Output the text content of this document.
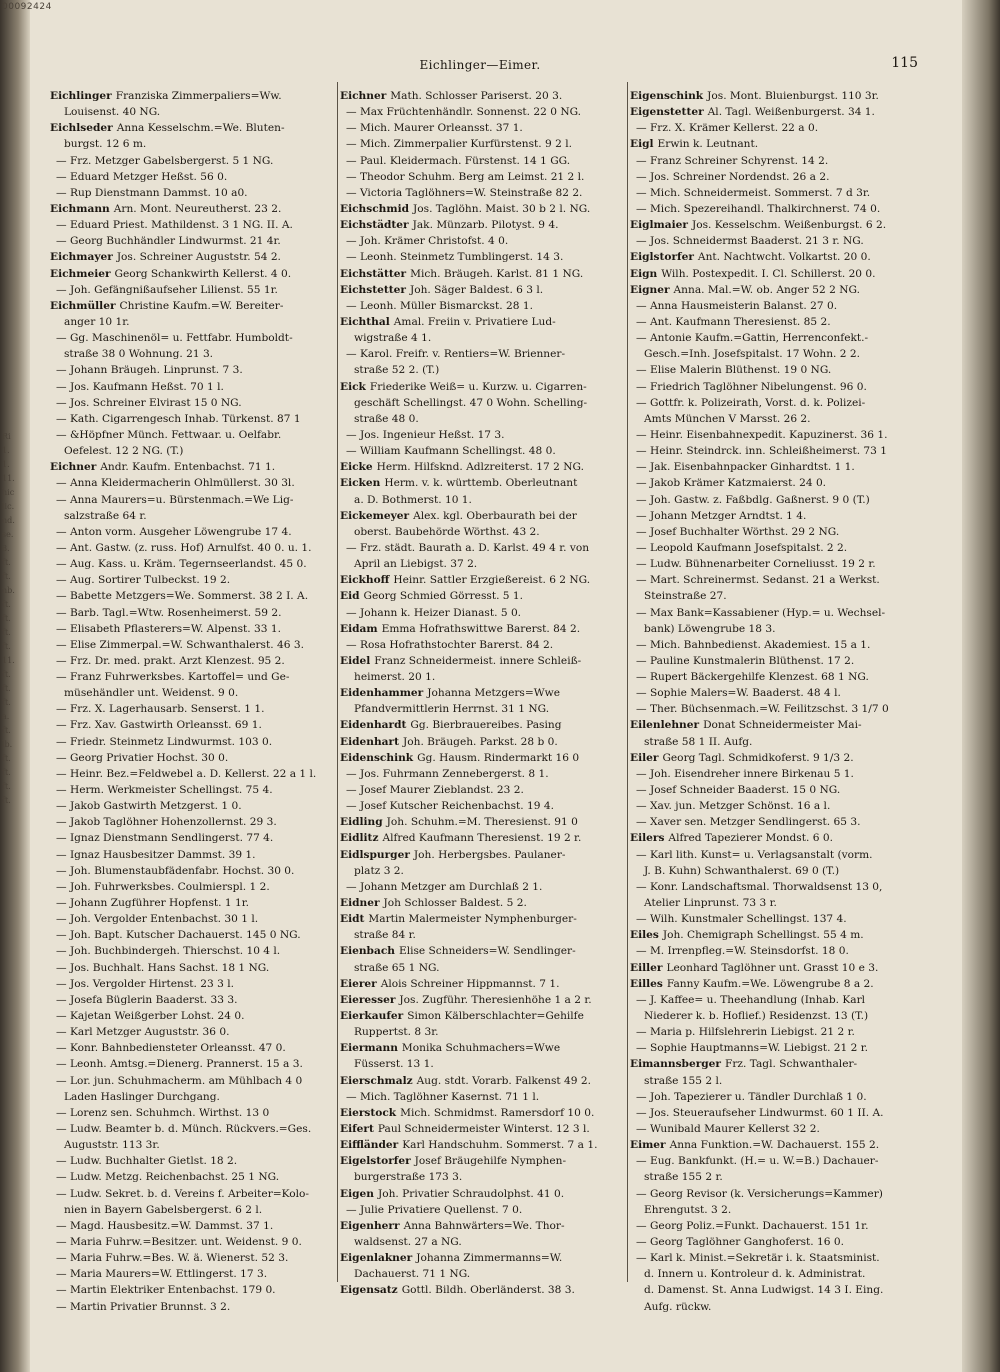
00092424
Ri
1.
1.
11.
hic
lic.
nd.
se.
8.
ft.
ft.
nb.
ft.
ft.
ft.
ft.
11.
ft.
ft.
ft.
a.
ft.
lb.
ft.
ft.
ft.
ft.
Eichlinger—Eimer.	115
Eichlinger Franziska Zimmerpaliers=Ww.
Louisenst. 40 NG.
Eichlseder Anna Kesselschm.=We. Bluten-
burgst. 12 6 m.
— Frz. Metzger Gabelsbergerst. 5 1 NG.
— Eduard Metzger Heßst. 56 0.
— Rup Dienstmann Dammst. 10 a0.
Eichmann Arn. Mont. Neureutherst. 23 2.
— Eduard Priest. Mathildenst. 3 1 NG. II. A.
— Georg Buchhändler Lindwurmst. 21 4r.
Eichmayer Jos. Schreiner Auguststr. 54 2.
Eichmeier Georg Schankwirth Kellerst. 4 0.
— Joh. Gefängnißaufseher Lilienst. 55 1r.
Eichmüller Christine Kaufm.=W. Bereiter-
anger 10 1r.
— Gg. Maschinenöl= u. Fettfabr. Humboldt-
straße 38 0 Wohnung. 21 3.
— Johann Bräugeh. Linprunst. 7 3.
— Jos. Kaufmann Heßst. 70 1 l.
— Jos. Schreiner Elvirast 15 0 NG.
— Kath. Cigarrengesch Inhab. Türkenst. 87 1
— &Höpfner Münch. Fettwaar. u. Oelfabr.
Oefelest. 12 2 NG. (T.)
Eichner Andr. Kaufm. Entenbachst. 71 1.
— Anna Kleidermacherin Ohlmüllerst. 30 3l.
— Anna Maurers=u. Bürstenmach.=We Lig-
salzstraße 64 r.
— Anton vorm. Ausgeher Löwengrube 17 4.
— Ant. Gastw. (z. russ. Hof) Arnulfst. 40 0. u. 1.
— Aug. Kass. u. Kräm. Tegernseerlandst. 45 0.
— Aug. Sortirer Tulbeckst. 19 2.
— Babette Metzgers=We. Sommerst. 38 2 I. A.
— Barb. Tagl.=Wtw. Rosenheimerst. 59 2.
— Elisabeth Pflasterers=W. Alpenst. 33 1.
— Elise Zimmerpal.=W. Schwanthalerst. 46 3.
— Frz. Dr. med. prakt. Arzt Klenzest. 95 2.
— Franz Fuhrwerksbes. Kartoffel= und Ge-
müsehändler unt. Weidenst. 9 0.
— Frz. X. Lagerhausarb. Senserst. 1 1.
— Frz. Xav. Gastwirth Orleansst. 69 1.
— Friedr. Steinmetz Lindwurmst. 103 0.
— Georg Privatier Hochst. 30 0.
— Heinr. Bez.=Feldwebel a. D. Kellerst. 22 a 1 l.
— Herm. Werkmeister Schellingst. 75 4.
— Jakob Gastwirth Metzgerst. 1 0.
— Jakob Taglöhner Hohenzollernst. 29 3.
— Ignaz Dienstmann Sendlingerst. 77 4.
— Ignaz Hausbesitzer Dammst. 39 1.
— Joh. Blumenstaubfädenfabr. Hochst. 30 0.
— Joh. Fuhrwerksbes. Coulmierspl. 1 2.
— Johann Zugführer Hopfenst. 1 1r.
— Joh. Vergolder Entenbachst. 30 1 l.
— Joh. Bapt. Kutscher Dachauerst. 145 0 NG.
— Joh. Buchbindergeh. Thierschst. 10 4 l.
— Jos. Buchhalt. Hans Sachst. 18 1 NG.
— Jos. Vergolder Hirtenst. 23 3 l.
— Josefa Büglerin Baaderst. 33 3.
— Kajetan Weißgerber Lohst. 24 0.
— Karl Metzger Auguststr. 36 0.
— Konr. Bahnbediensteter Orleansst. 47 0.
— Leonh. Amtsg.=Dienerg. Prannerst. 15 a 3.
— Lor. jun. Schuhmacherm. am Mühlbach 4 0
Laden Haslinger Durchgang.
— Lorenz sen. Schuhmch. Wirthst. 13 0
— Ludw. Beamter b. d. Münch. Rückvers.=Ges.
Auguststr. 113 3r.
— Ludw. Buchhalter Gietlst. 18 2.
— Ludw. Metzg. Reichenbachst. 25 1 NG.
— Ludw. Sekret. b. d. Vereins f. Arbeiter=Kolo-
nien in Bayern Gabelsbergerst. 6 2 l.
— Magd. Hausbesitz.=W. Dammst. 37 1.
— Maria Fuhrw.=Besitzer. unt. Weidenst. 9 0.
— Maria Fuhrw.=Bes. W. ä. Wienerst. 52 3.
— Maria Maurers=W. Ettlingerst. 17 3.
— Martin Elektriker Entenbachst. 179 0.
— Martin Privatier Brunnst. 3 2.
Eichner Math. Schlosser Pariserst. 20 3.
— Max Früchtenhändlr. Sonnenst. 22 0 NG.
— Mich. Maurer Orleansst. 37 1.
— Mich. Zimmerpalier Kurfürstenst. 9 2 l.
— Paul. Kleidermach. Fürstenst. 14 1 GG.
— Theodor Schuhm. Berg am Leimst. 21 2 l.
— Victoria Taglöhners=W. Steinstraße 82 2.
Eichschmid Jos. Taglöhn. Maist. 30 b 2 l. NG.
Eichstädter Jak. Münzarb. Pilotyst. 9 4.
— Joh. Krämer Christofst. 4 0.
— Leonh. Steinmetz Tumblingerst. 14 3.
Eichstätter Mich. Bräugeh. Karlst. 81 1 NG.
Eichstetter Joh. Säger Baldest. 6 3 l.
— Leonh. Müller Bismarckst. 28 1.
Eichthal Amal. Freiin v. Privatiere Lud-
wigstraße 4 1.
— Karol. Freifr. v. Rentiers=W. Brienner-
straße 52 2. (T.)
Eick Friederike Weiß= u. Kurzw. u. Cigarren-
geschäft Schellingst. 47 0 Wohn. Schelling-
straße 48 0.
— Jos. Ingenieur Heßst. 17 3.
— William Kaufmann Schellingst. 48 0.
Eicke Herm. Hilfsknd. Adlzreiterst. 17 2 NG.
Eicken Herm. v. k. württemb. Oberleutnant
a. D. Bothmerst. 10 1.
Eickemeyer Alex. kgl. Oberbaurath bei der
oberst. Baubehörde Wörthst. 43 2.
— Frz. städt. Baurath a. D. Karlst. 49 4 r. von
April an Liebigst. 37 2.
Eickhoff Heinr. Sattler Erzgießereist. 6 2 NG.
Eid Georg Schmied Görresst. 5 1.
— Johann k. Heizer Dianast. 5 0.
Eidam Emma Hofrathswittwe Barerst. 84 2.
— Rosa Hofrathstochter Barerst. 84 2.
Eidel Franz Schneidermeist. innere Schleiß-
heimerst. 20 1.
Eidenhammer Johanna Metzgers=Wwe
Pfandvermittlerin Herrnst. 31 1 NG.
Eidenhardt Gg. Bierbrauereibes. Pasing
Eidenhart Joh. Bräugeh. Parkst. 28 b 0.
Eidenschink Gg. Hausm. Rindermarkt 16 0
— Jos. Fuhrmann Zennebergerst. 8 1.
— Josef Maurer Zieblandst. 23 2.
— Josef Kutscher Reichenbachst. 19 4.
Eidling Joh. Schuhm.=M. Theresienst. 91 0
Eidlitz Alfred Kaufmann Theresienst. 19 2 r.
Eidlspurger Joh. Herbergsbes. Paulaner-
platz 3 2.
— Johann Metzger am Durchlaß 2 1.
Eidner Joh Schlosser Baldest. 5 2.
Eidt Martin Malermeister Nymphenburger-
straße 84 r.
Eienbach Elise Schneiders=W. Sendlinger-
straße 65 1 NG.
Eierer Alois Schreiner Hippmannst. 7 1.
Eieresser Jos. Zugführ. Theresienhöhe 1 a 2 r.
Eierkaufer Simon Kälberschlachter=Gehilfe
Ruppertst. 8 3r.
Eiermann Monika Schuhmachers=Wwe
Füsserst. 13 1.
Eierschmalz Aug. stdt. Vorarb. Falkenst 49 2.
— Mich. Taglöhner Kasernst. 71 1 l.
Eierstock Mich. Schmidmst. Ramersdorf 10 0.
Eifert Paul Schneidermeister Winterst. 12 3 l.
Eiffländer Karl Handschuhm. Sommerst. 7 a 1.
Eigelstorfer Josef Bräugehilfe Nymphen-
burgerstraße 173 3.
Eigen Joh. Privatier Schraudolphst. 41 0.
— Julie Privatiere Quellenst. 7 0.
Eigenherr Anna Bahnwärters=We. Thor-
waldsenst. 27 a NG.
Eigenlakner Johanna Zimmermanns=W.
Dachauerst. 71 1 NG.
Eigensatz Gottl. Bildh. Oberländerst. 38 3.
Eigenschink Jos. Mont. Bluienburgst. 110 3r.
Eigenstetter Al. Tagl. Weißenburgerst. 34 1.
— Frz. X. Krämer Kellerst. 22 a 0.
Eigl Erwin k. Leutnant.
— Franz Schreiner Schyrenst. 14 2.
— Jos. Schreiner Nordendst. 26 a 2.
— Mich. Schneidermeist. Sommerst. 7 d 3r.
— Mich. Spezereihandl. Thalkirchnerst. 74 0.
Eiglmaier Jos. Kesselschm. Weißenburgst. 6 2.
— Jos. Schneidermst Baaderst. 21 3 r. NG.
Eiglstorfer Ant. Nachtwcht. Volkartst. 20 0.
Eign Wilh. Postexpedit. I. Cl. Schillerst. 20 0.
Eigner Anna. Mal.=W. ob. Anger 52 2 NG.
— Anna Hausmeisterin Balanst. 27 0.
— Ant. Kaufmann Theresienst. 85 2.
— Antonie Kaufm.=Gattin, Herrenconfekt.-
Gesch.=Inh. Josefspitalst. 17 Wohn. 2 2.
— Elise Malerin Blüthenst. 19 0 NG.
— Friedrich Taglöhner Nibelungenst. 96 0.
— Gottfr. k. Polizeirath, Vorst. d. k. Polizei-
Amts München V Marsst. 26 2.
— Heinr. Eisenbahnexpedit. Kapuzinerst. 36 1.
— Heinr. Steindrck. inn. Schleißheimerst. 73 1
— Jak. Eisenbahnpacker Ginhardtst. 1 1.
— Jakob Krämer Katzmaierst. 24 0.
— Joh. Gastw. z. Faßbdlg. Gaßnerst. 9 0 (T.)
— Johann Metzger Arndtst. 1 4.
— Josef Buchhalter Wörthst. 29 2 NG.
— Leopold Kaufmann Josefspitalst. 2 2.
— Ludw. Bühnenarbeiter Corneliusst. 19 2 r.
— Mart. Schreinermst. Sedanst. 21 a Werkst.
Steinstraße 27.
— Max Bank=Kassabiener (Hyp.= u. Wechsel-
bank) Löwengrube 18 3.
— Mich. Bahnbedienst. Akademiest. 15 a 1.
— Pauline Kunstmalerin Blüthenst. 17 2.
— Rupert Bäckergehilfe Klenzest. 68 1 NG.
— Sophie Malers=W. Baaderst. 48 4 l.
— Ther. Büchsenmach.=W. Feilitzschst. 3 1/7 0
Eilenlehner Donat Schneidermeister Mai-
straße 58 1 II. Aufg.
Eiler Georg Tagl. Schmidkoferst. 9 1/3 2.
— Joh. Eisendreher innere Birkenau 5 1.
— Josef Schneider Baaderst. 15 0 NG.
— Xav. jun. Metzger Schönst. 16 a l.
— Xaver sen. Metzger Sendlingerst. 65 3.
Eilers Alfred Tapezierer Mondst. 6 0.
— Karl lith. Kunst= u. Verlagsanstalt (vorm.
J. B. Kuhn) Schwanthalerst. 69 0 (T.)
— Konr. Landschaftsmal. Thorwaldsenst 13 0,
Atelier Linprunst. 73 3 r.
— Wilh. Kunstmaler Schellingst. 137 4.
Eiles Joh. Chemigraph Schellingst. 55 4 m.
— M. Irrenpfleg.=W. Steinsdorfst. 18 0.
Eiller Leonhard Taglöhner unt. Grasst 10 e 3.
Eilles Fanny Kaufm.=We. Löwengrube 8 a 2.
— J. Kaffee= u. Theehandlung (Inhab. Karl
Niederer k. b. Hoflief.) Residenzst. 13 (T.)
— Maria p. Hilfslehrerin Liebigst. 21 2 r.
— Sophie Hauptmanns=W. Liebigst. 21 2 r.
Eimannsberger Frz. Tagl. Schwanthaler-
straße 155 2 l.
— Joh. Tapezierer u. Tändler Durchlaß 1 0.
— Jos. Steueraufseher Lindwurmst. 60 1 II. A.
— Wunibald Maurer Kellerst 32 2.
Eimer Anna Funktion.=W. Dachauerst. 155 2.
— Eug. Bankfunkt. (H.= u. W.=B.) Dachauer-
straße 155 2 r.
— Georg Revisor (k. Versicherungs=Kammer)
Ehrengutst. 3 2.
— Georg Poliz.=Funkt. Dachauerst. 151 1r.
— Georg Taglöhner Ganghoferst. 16 0.
— Karl k. Minist.=Sekretär i. k. Staatsminist.
d. Innern u. Kontroleur d. k. Administrat.
d. Damenst. St. Anna Ludwigst. 14 3 I. Eing.
Aufg. rückw.
